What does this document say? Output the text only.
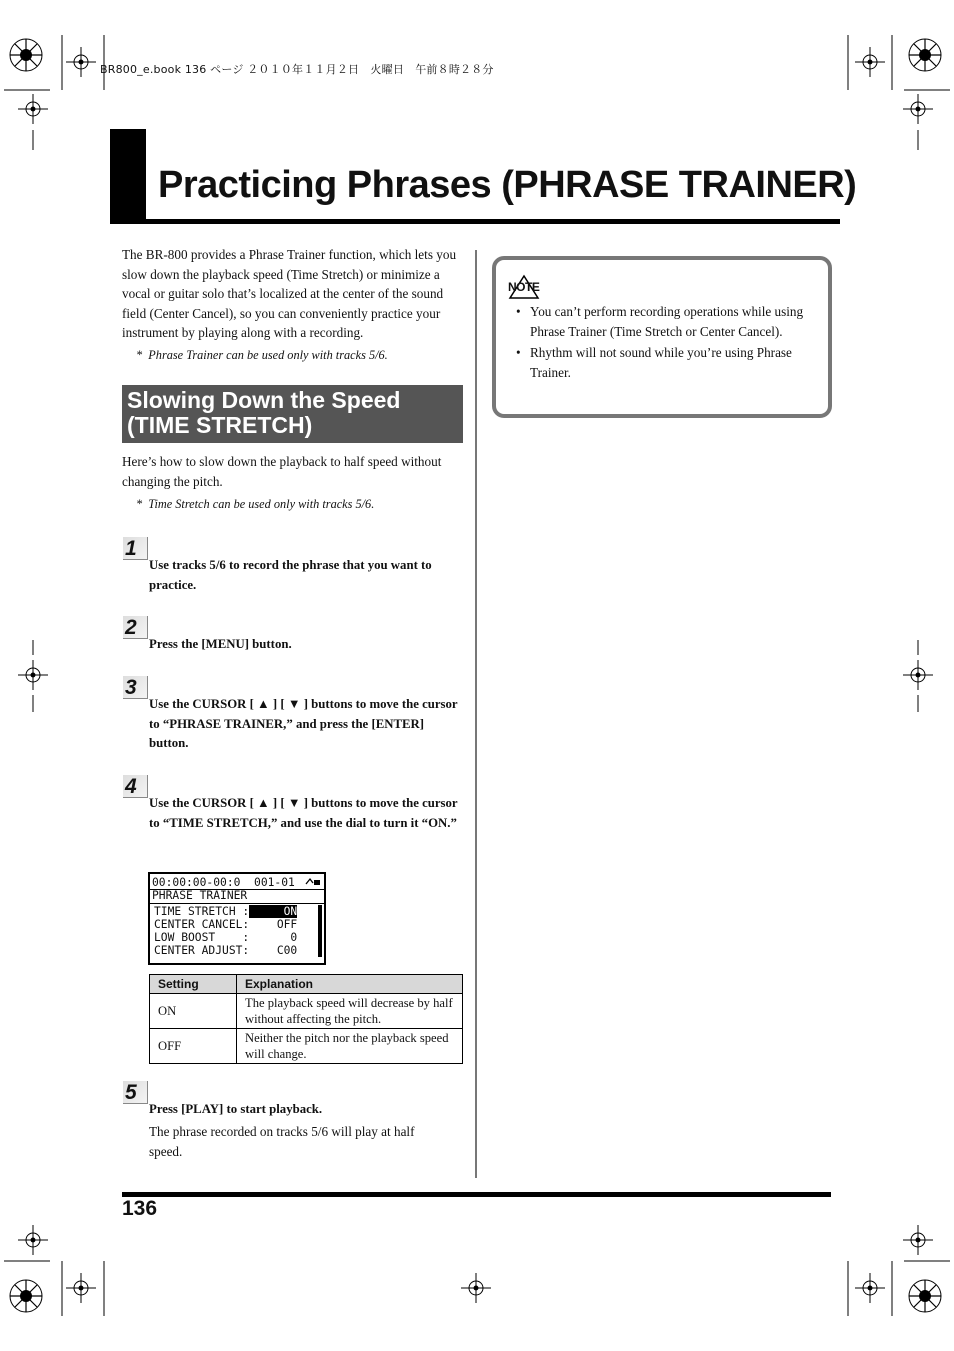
BR800_e.book 136 ページ ２０１０年１１月２日　火曜日　午前８時２８分
Practicing Phrases (PHRASE TRAINER)
The BR-800 provides a Phrase Trainer function, which lets you slow down the playback speed (Time Stretch) or minimize a vocal or guitar solo that’s localized at the center of the sound field (Center Cancel), so you can conveniently practice your instrument by playing along with a recording.
*  Phrase Trainer can be used only with tracks 5/6.
Slowing Down the Speed
(TIME STRETCH)
Here’s how to slow down the playback to half speed without changing the pitch.
*  Time Stretch can be used only with tracks 5/6.
1
Use tracks 5/6 to record the phrase that you want to practice.
2
Press the [MENU] button.
3
Use the CURSOR [ ▲ ] [ ▼ ] buttons to move the cursor to “PHRASE TRAINER,” and press the [ENTER] button.
4
Use the CURSOR [ ▲ ] [ ▼ ] buttons to move the cursor to “TIME STRETCH,” and use the dial to turn it “ON.”
00:00:00-00:0 001-01
PHRASE TRAINER
TIME STRETCH :	ON
CENTER CANCEL: OFF
LOW BOOST    :	0
CENTER ADJUST: C00
Setting	Explanation
ON	The playback speed will decrease by half without affecting the pitch.
OFF	Neither the pitch nor the playback speed will change.
5
Press [PLAY] to start playback.
The phrase recorded on tracks 5/6 will play at half speed.
NOTE
• You can’t perform recording operations while using Phrase Trainer (Time Stretch or Center Cancel).
• Rhythm will not sound while you’re using Phrase Trainer.
136
